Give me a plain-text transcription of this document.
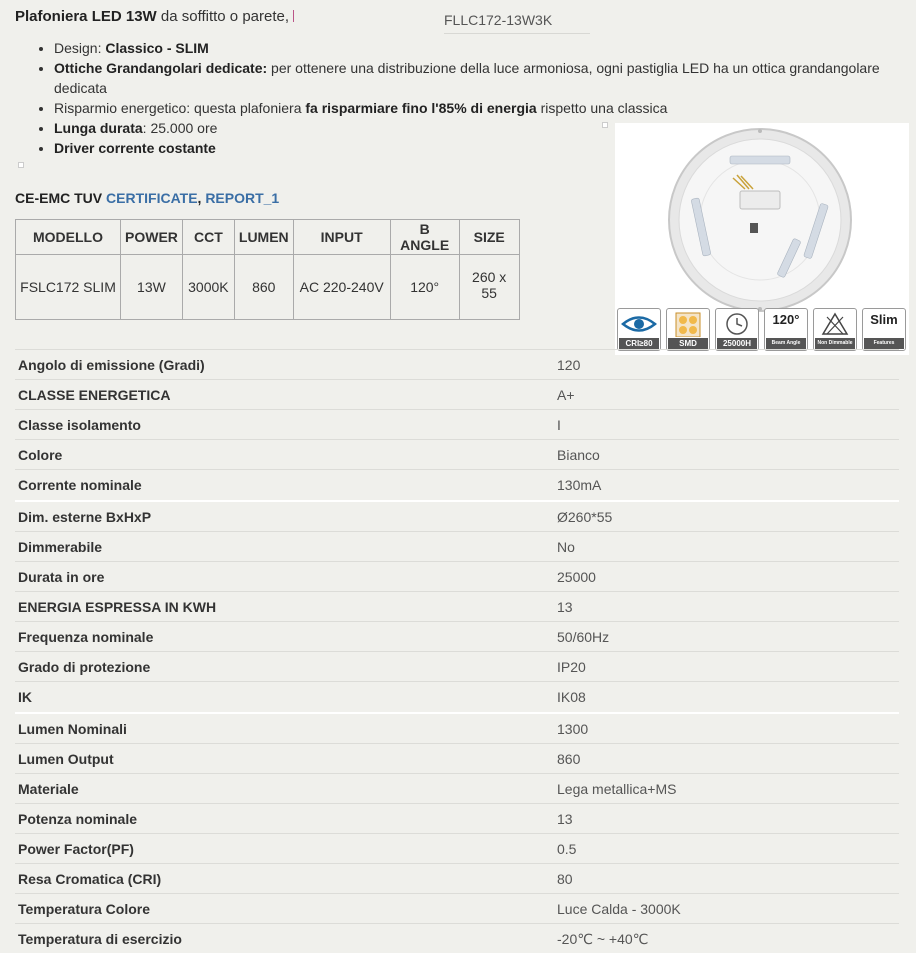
Plafoniera LED 13W da soffitto o parete,	FLLC172-13W3K
• Design: Classico - SLIM
• Ottiche Grandangolari dedicate: per ottenere una distribuzione della luce armoniosa, ogni pastiglia LED ha un ottica grandangolare dedicata
• Risparmio energetico: questa plafoniera fa risparmiare fino l'85% di energia rispetto una classica
• Lunga durata: 25.000 ore
• Driver corrente costante
CE-EMC TUV CERTIFICATE, REPORT_1
MODELLO	POWER	CCT	LUMEN	INPUT	B ANGLE	SIZE
FSLC172 SLIM	13W	3000K	860	AC 220-240V	120°	260 x 55
CRI≥80	SMD	25000H
120°
Beam Angle	Non Dimmable
Slim
Features
Angolo di emissione (Gradi)	120
CLASSE ENERGETICA	A+
Classe isolamento	I
Colore	Bianco
Corrente nominale	130mA
Dim. esterne BxHxP	Ø260*55
Dimmerabile	No
Durata in ore	25000
ENERGIA ESPRESSA IN KWH	13
Frequenza nominale	50/60Hz
Grado di protezione	IP20
IK	IK08
Lumen Nominali	1300
Lumen Output	860
Materiale	Lega metallica+MS
Potenza nominale	13
Power Factor(PF)	0.5
Resa Cromatica (CRI)	80
Temperatura Colore	Luce Calda - 3000K
Temperatura di esercizio	-20℃ ~ +40℃
